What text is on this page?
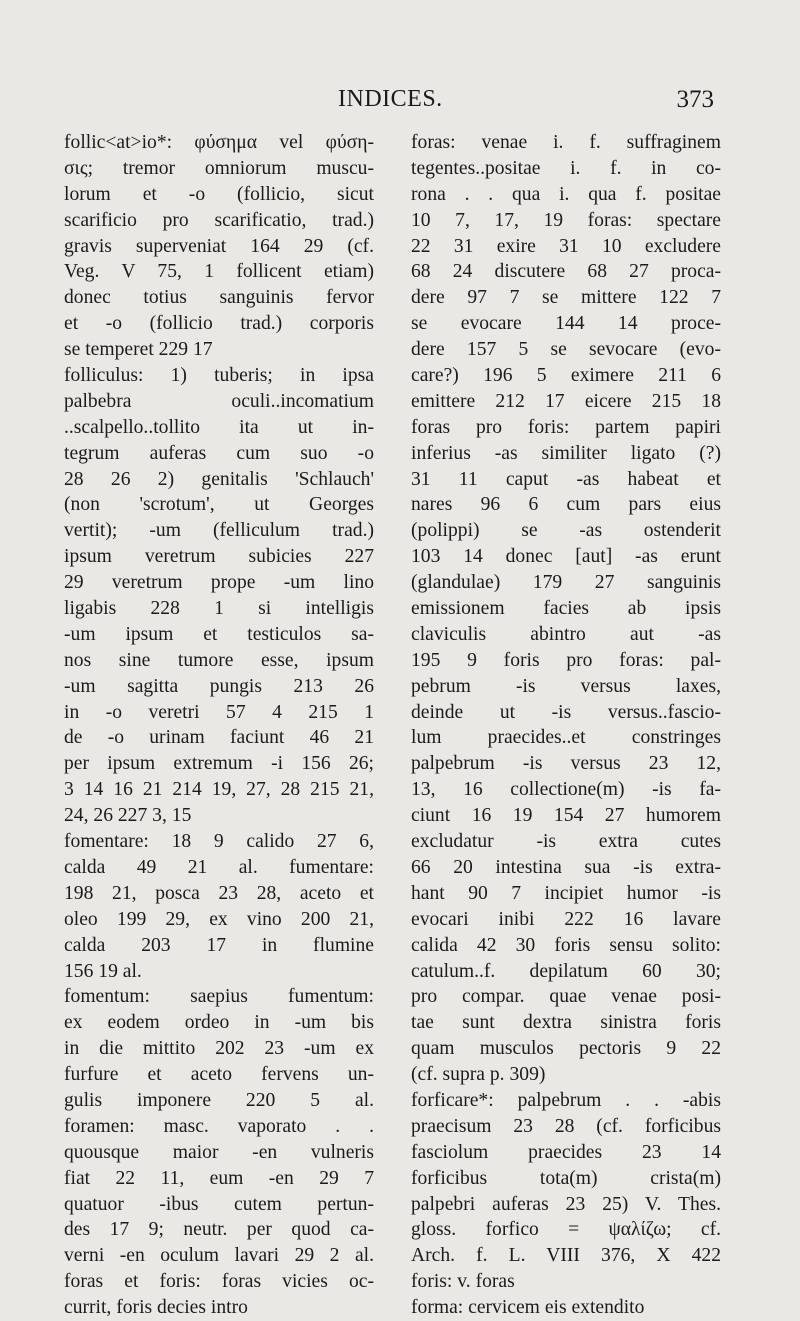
INDICES.	373
follic<at>io*: φύσημα vel φύση-
σις; tremor omniorum muscu-
lorum et -o (follicio, sicut
scarificio pro scarificatio, trad.)
gravis superveniat 164 29 (cf.
Veg. V 75, 1 follicent etiam)
donec totius sanguinis fervor
et -o (follicio trad.) corporis
se temperet 229 17
folliculus: 1) tuberis; in ipsa
palbebra oculi..incomatium
..scalpello..tollito ita ut in-
tegrum auferas cum suo -o
28 26 2) genitalis 'Schlauch'
(non 'scrotum', ut Georges
vertit); -um (felliculum trad.)
ipsum veretrum subicies 227
29 veretrum prope -um lino
ligabis 228 1 si intelligis
-um ipsum et testiculos sa-
nos sine tumore esse, ipsum
-um sagitta pungis 213 26
in -o veretri 57 4 215 1
de -o urinam faciunt 46 21
per ipsum extremum -i 156 26;
3 14 16 21 214 19, 27, 28 215 21,
24, 26 227 3, 15
fomentare: 18 9 calido 27 6,
calda 49 21 al. fumentare:
198 21, posca 23 28, aceto et
oleo 199 29, ex vino 200 21,
calda 203 17 in flumine
156 19 al.
fomentum: saepius fumentum:
ex eodem ordeo in -um bis
in die mittito 202 23 -um ex
furfure et aceto fervens un-
gulis imponere 220 5 al.
foramen: masc. vaporato . .
quousque maior -en vulneris
fiat 22 11, eum -en 29 7
quatuor -ibus cutem pertun-
des 17 9; neutr. per quod ca-
verni -en oculum lavari 29 2 al.
foras et foris: foras vicies oc-
currit, foris decies intro
foras: venae i. f. suffraginem
tegentes..positae i. f. in co-
rona . . qua i. qua f. positae
10 7, 17, 19 foras: spectare
22 31 exire 31 10 excludere
68 24 discutere 68 27 proca-
dere 97 7 se mittere 122 7
se evocare 144 14 proce-
dere 157 5 se sevocare (evo-
care?) 196 5 eximere 211 6
emittere 212 17 eicere 215 18
foras pro foris: partem papiri
inferius -as similiter ligato (?)
31 11 caput -as habeat et
nares 96 6 cum pars eius
(polippi) se -as ostenderit
103 14 donec [aut] -as erunt
(glandulae) 179 27 sanguinis
emissionem facies ab ipsis
claviculis abintro aut -as
195 9 foris pro foras: pal-
pebrum -is versus laxes,
deinde ut -is versus..fascio-
lum praecides..et constringes
palpebrum -is versus 23 12,
13, 16 collectione(m) -is fa-
ciunt 16 19 154 27 humorem
excludatur -is extra cutes
66 20 intestina sua -is extra-
hant 90 7 incipiet humor -is
evocari inibi 222 16 lavare
calida 42 30 foris sensu solito:
catulum..f. depilatum 60 30;
pro compar. quae venae posi-
tae sunt dextra sinistra foris
quam musculos pectoris 9 22
(cf. supra p. 309)
forficare*: palpebrum . . -abis
praecisum 23 28 (cf. forficibus
fasciolum praecides 23 14
forficibus tota(m) crista(m)
palpebri auferas 23 25) V. Thes.
gloss. forfico = ψαλίζω; cf.
Arch. f. L. VIII 376, X 422
foris: v. foras
forma: cervicem eis extendito
